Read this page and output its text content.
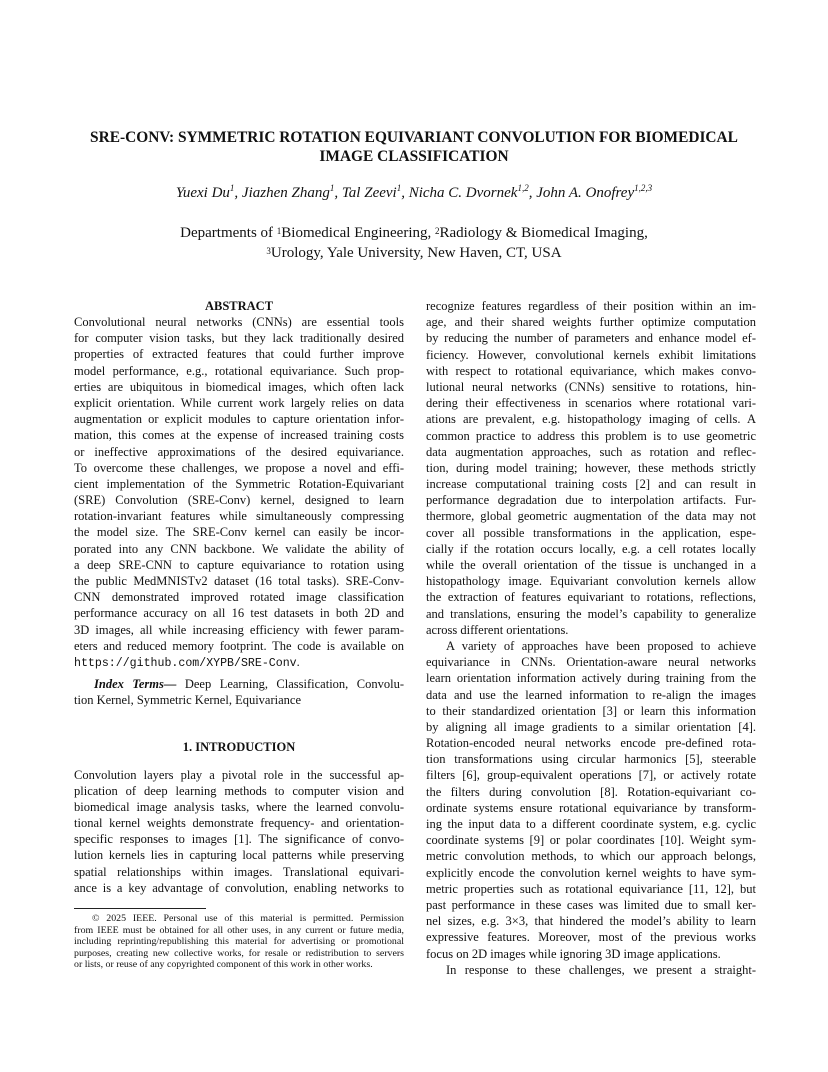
SRE-CONV: SYMMETRIC ROTATION EQUIVARIANT CONVOLUTION FOR BIOMEDICAL
IMAGE CLASSIFICATION
Yuexi Du$^1$, Jiazhen Zhang$^1$, Tal Zeevi$^1$, Nicha C. Dvornek$^{1,2}$, John A. Onofrey$^{1,2,3}$
Departments of $^1$Biomedical Engineering, $^2$Radiology & Biomedical Imaging,
$^3$Urology, Yale University, New Haven, CT, USA
ABSTRACT
Convolutional neural networks (CNNs) are essential tools
for computer vision tasks, but they lack traditionally desired
properties of extracted features that could further improve
model performance, e.g., rotational equivariance. Such prop-
erties are ubiquitous in biomedical images, which often lack
explicit orientation. While current work largely relies on data
augmentation or explicit modules to capture orientation infor-
mation, this comes at the expense of increased training costs
or ineffective approximations of the desired equivariance.
To overcome these challenges, we propose a novel and effi-
cient implementation of the Symmetric Rotation-Equivariant
(SRE) Convolution (SRE-Conv) kernel, designed to learn
rotation-invariant features while simultaneously compressing
the model size. The SRE-Conv kernel can easily be incor-
porated into any CNN backbone. We validate the ability of
a deep SRE-CNN to capture equivariance to rotation using
the public MedMNISTv2 dataset (16 total tasks). SRE-Conv-
CNN demonstrated improved rotated image classification
performance accuracy on all 16 test datasets in both 2D and
3D images, all while increasing efficiency with fewer param-
eters and reduced memory footprint. The code is available on
https://github.com/XYPB/SRE-Conv.
Index Terms— Deep Learning, Classification, Convolu-
tion Kernel, Symmetric Kernel, Equivariance
1. INTRODUCTION
Convolution layers play a pivotal role in the successful ap-
plication of deep learning methods to computer vision and
biomedical image analysis tasks, where the learned convolu-
tional kernel weights demonstrate frequency- and orientation-
specific responses to images [1]. The significance of convo-
lution kernels lies in capturing local patterns while preserving
spatial relationships within images. Translational equivari-
ance is a key advantage of convolution, enabling networks to
recognize features regardless of their position within an im-
age, and their shared weights further optimize computation
by reducing the number of parameters and enhance model ef-
ficiency. However, convolutional kernels exhibit limitations
with respect to rotational equivariance, which makes convo-
lutional neural networks (CNNs) sensitive to rotations, hin-
dering their effectiveness in scenarios where rotational vari-
ations are prevalent, e.g. histopathology imaging of cells. A
common practice to address this problem is to use geometric
data augmentation approaches, such as rotation and reflec-
tion, during model training; however, these methods strictly
increase computational training costs [2] and can result in
performance degradation due to interpolation artifacts. Fur-
thermore, global geometric augmentation of the data may not
cover all possible transformations in the application, espe-
cially if the rotation occurs locally, e.g. a cell rotates locally
while the overall orientation of the tissue is unchanged in a
histopathology image. Equivariant convolution kernels allow
the extraction of features equivariant to rotations, reflections,
and translations, ensuring the model’s capability to generalize
across different orientations.
A variety of approaches have been proposed to achieve
equivariance in CNNs. Orientation-aware neural networks
learn orientation information actively during training from the
data and use the learned information to re-align the images
to their standardized orientation [3] or learn this information
by aligning all image gradients to a similar orientation [4].
Rotation-encoded neural networks encode pre-defined rota-
tion transformations using circular harmonics [5], steerable
filters [6], group-equivalent operations [7], or actively rotate
the filters during convolution [8]. Rotation-equivariant co-
ordinate systems ensure rotational equivariance by transform-
ing the input data to a different coordinate system, e.g. cyclic
coordinate systems [9] or polar coordinates [10]. Weight sym-
metric convolution methods, to which our approach belongs,
explicitly encode the convolution kernel weights to have sym-
metric properties such as rotational equivariance [11, 12], but
past performance in these cases was limited due to small ker-
nel sizes, e.g. 3×3, that hindered the model’s ability to learn
expressive features. Moreover, most of the previous works
focus on 2D images while ignoring 3D image applications.
In response to these challenges, we present a straight-
© 2025 IEEE. Personal use of this material is permitted. Permission
from IEEE must be obtained for all other uses, in any current or future media,
including reprinting/republishing this material for advertising or promotional
purposes, creating new collective works, for resale or redistribution to servers
or lists, or reuse of any copyrighted component of this work in other works.
